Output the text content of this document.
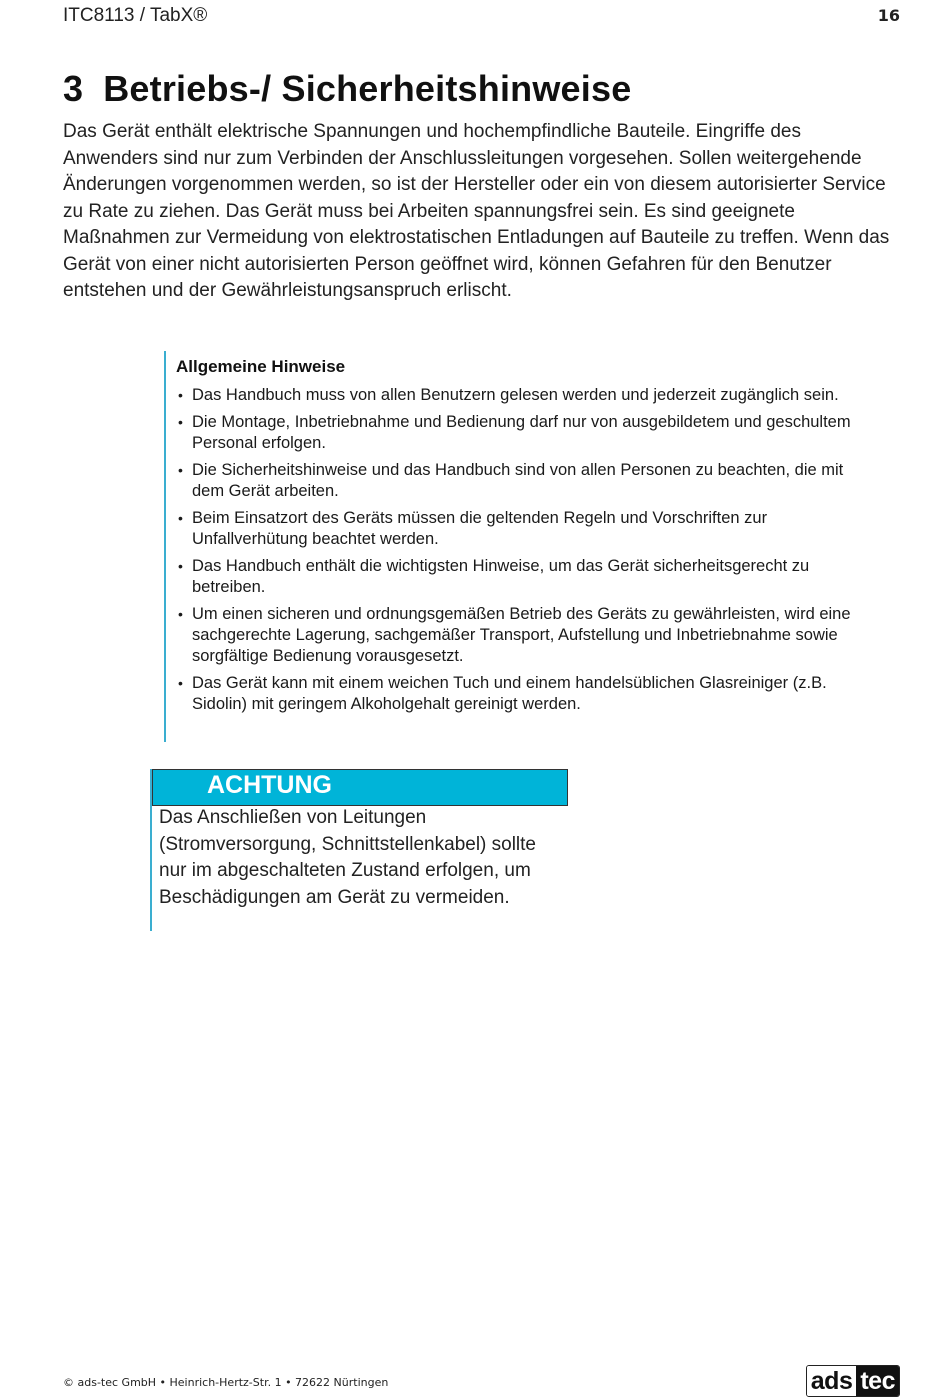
ITC8113 / TabX®	16
3 Betriebs-/ Sicherheitshinweise

Das Gerät enthält elektrische Spannungen und hochempfindliche Bauteile. Eingriffe des Anwenders sind nur zum Verbinden der Anschlussleitungen vorgesehen. Sollen weitergehende Änderungen vorgenommen werden, so ist der Hersteller oder ein von diesem autorisierter Service zu Rate zu ziehen. Das Gerät muss bei Arbeiten spannungsfrei sein. Es sind geeignete Maßnahmen zur Vermeidung von elektrostatischen Entladungen auf Bauteile zu treffen. Wenn das Gerät von einer nicht autorisierten Person geöffnet wird, können Gefahren für den Benutzer entstehen und der Gewährleistungsanspruch erlischt.

Allgemeine Hinweise
• Das Handbuch muss von allen Benutzern gelesen werden und jederzeit zugänglich sein.
• Die Montage, Inbetriebnahme und Bedienung darf nur von ausgebildetem und geschultem Personal erfolgen.
• Die Sicherheitshinweise und das Handbuch sind von allen Personen zu beachten, die mit dem Gerät arbeiten.
• Beim Einsatzort des Geräts müssen die geltenden Regeln und Vorschriften zur Unfallverhütung beachtet werden.
• Das Handbuch enthält die wichtigsten Hinweise, um das Gerät sicherheitsgerecht zu betreiben.
• Um einen sicheren und ordnungsgemäßen Betrieb des Geräts zu gewährleisten, wird eine sachgerechte Lagerung, sachgemäßer Transport, Aufstellung und Inbetriebnahme sowie sorgfältige Bedienung vorausgesetzt.
• Das Gerät kann mit einem weichen Tuch und einem handelsüblichen Glasreiniger (z.B. Sidolin) mit geringem Alkoholgehalt gereinigt werden.
ACHTUNG

Das Anschließen von Leitungen (Stromversorgung, Schnittstellenkabel) sollte nur im abgeschalteten Zustand erfolgen, um Beschädigungen am Gerät zu vermeiden.

© ads-tec GmbH • Heinrich-Hertz-Str. 1 • 72622 Nürtingen	ads tec
